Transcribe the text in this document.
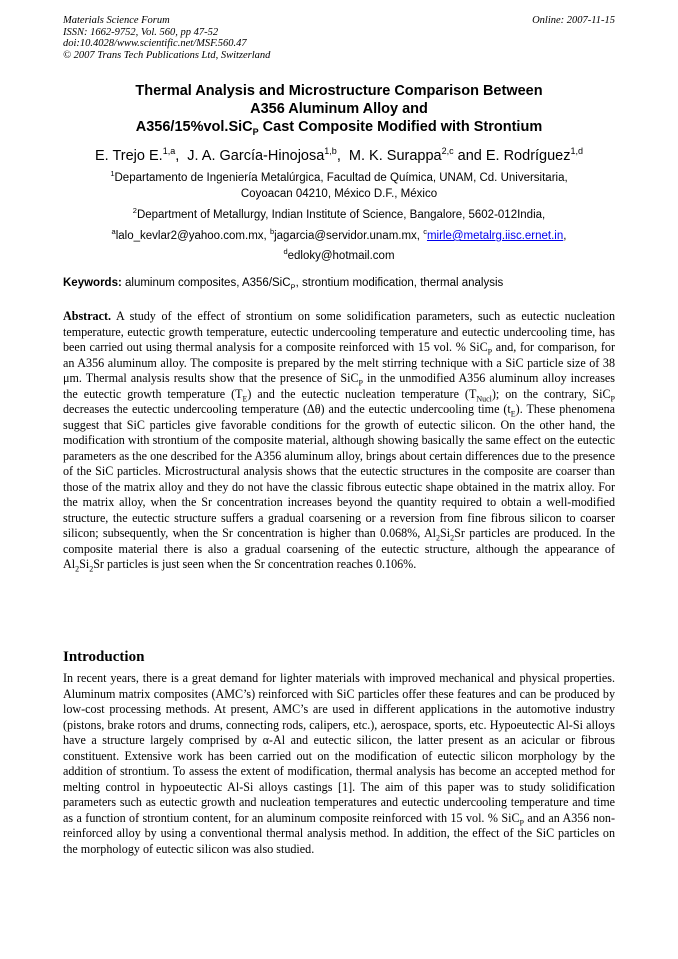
Materials Science Forum
ISSN: 1662-9752, Vol. 560, pp 47-52
doi:10.4028/www.scientific.net/MSF.560.47
© 2007 Trans Tech Publications Ltd, Switzerland
Online: 2007-11-15
Thermal Analysis and Microstructure Comparison Between
A356 Aluminum Alloy and
A356/15%vol.SiC$_P$ Cast Composite Modified with Strontium
E. Trejo E.$^{1,a}$,  J. A. García-Hinojosa$^{1,b}$,  M. K. Surappa$^{2,c}$ and E. Rodríguez$^{1,d}$
$^1$Departamento de Ingeniería Metalúrgica, Facultad de Química, UNAM, Cd. Universitaria,
Coyoacan 04210, México D.F., México
$^2$Department of Metallurgy, Indian Institute of Science, Bangalore, 5602-012India,
$^a$lalo_kevlar2@yahoo.com.mx, $^b$jagarcia@servidor.unam.mx, $^c$mirle@metalrg.iisc.ernet.in,
$^d$edloky@hotmail.com
Keywords: aluminum composites, A356/SiC$_P$, strontium modification, thermal analysis
Abstract. A study of the effect of strontium on some solidification parameters, such as eutectic nucleation temperature, eutectic growth temperature, eutectic undercooling temperature and eutectic undercooling time, has been carried out using thermal analysis for a composite reinforced with 15 vol. % SiC$_P$ and, for comparison, for an A356 aluminum alloy. The composite is prepared by the melt stirring technique with a SiC particle size of 38 μm. Thermal analysis results show that the presence of SiC$_P$ in the unmodified A356 aluminum alloy increases the eutectic growth temperature $(T_E)$ and the eutectic nucleation temperature $(T_{Nucl})$; on the contrary, SiC$_P$ decreases the eutectic undercooling temperature (Δθ) and the eutectic undercooling time $(t_E)$. These phenomena suggest that SiC particles give favorable conditions for the growth of eutectic silicon. On the other hand, the modification with strontium of the composite material, although showing basically the same effect on the eutectic parameters as the one described for the A356 aluminum alloy, brings about certain differences due to the presence of the SiC particles. Microstructural analysis shows that the eutectic structures in the composite are coarser than those of the matrix alloy and they do not have the classic fibrous eutectic shape obtained in the matrix alloy. For the matrix alloy, when the Sr concentration increases beyond the quantity required to obtain a well-modified structure, the eutectic structure suffers a gradual coarsening or a reversion from fine fibrous silicon to coarser silicon; subsequently, when the Sr concentration is higher than 0.068%, $Al_2Si_2Sr$ particles are produced. In the composite material there is also a gradual coarsening of the eutectic structure, although the appearance of $Al_2Si_2Sr$ particles is just seen when the Sr concentration reaches 0.106%.
Introduction
In recent years, there is a great demand for lighter materials with improved mechanical and physical properties. Aluminum matrix composites (AMC’s) reinforced with SiC particles offer these features and can be produced by low-cost processing methods. At present, AMC’s are used in different applications in the automotive industry (pistons, brake rotors and drums, connecting rods, calipers, etc.), aerospace, sports, etc. Hypoeutectic Al-Si alloys have a structure largely comprised by α-Al and eutectic silicon, the latter present as an acicular or fibrous constituent. Extensive work has been carried out on the modification of eutectic silicon morphology by the addition of strontium. To assess the extent of modification, thermal analysis has become an accepted method for melting control in hypoeutectic Al-Si alloys castings [1]. The aim of this paper was to study solidification parameters such as eutectic growth and nucleation temperatures and eutectic undercooling temperature and time as a function of strontium content, for an aluminum composite reinforced with 15 vol. % SiC$_P$ and an A356 non-reinforced alloy by using a conventional thermal analysis method. In addition, the effect of the SiC particles on the morphology of eutectic silicon was also studied.
